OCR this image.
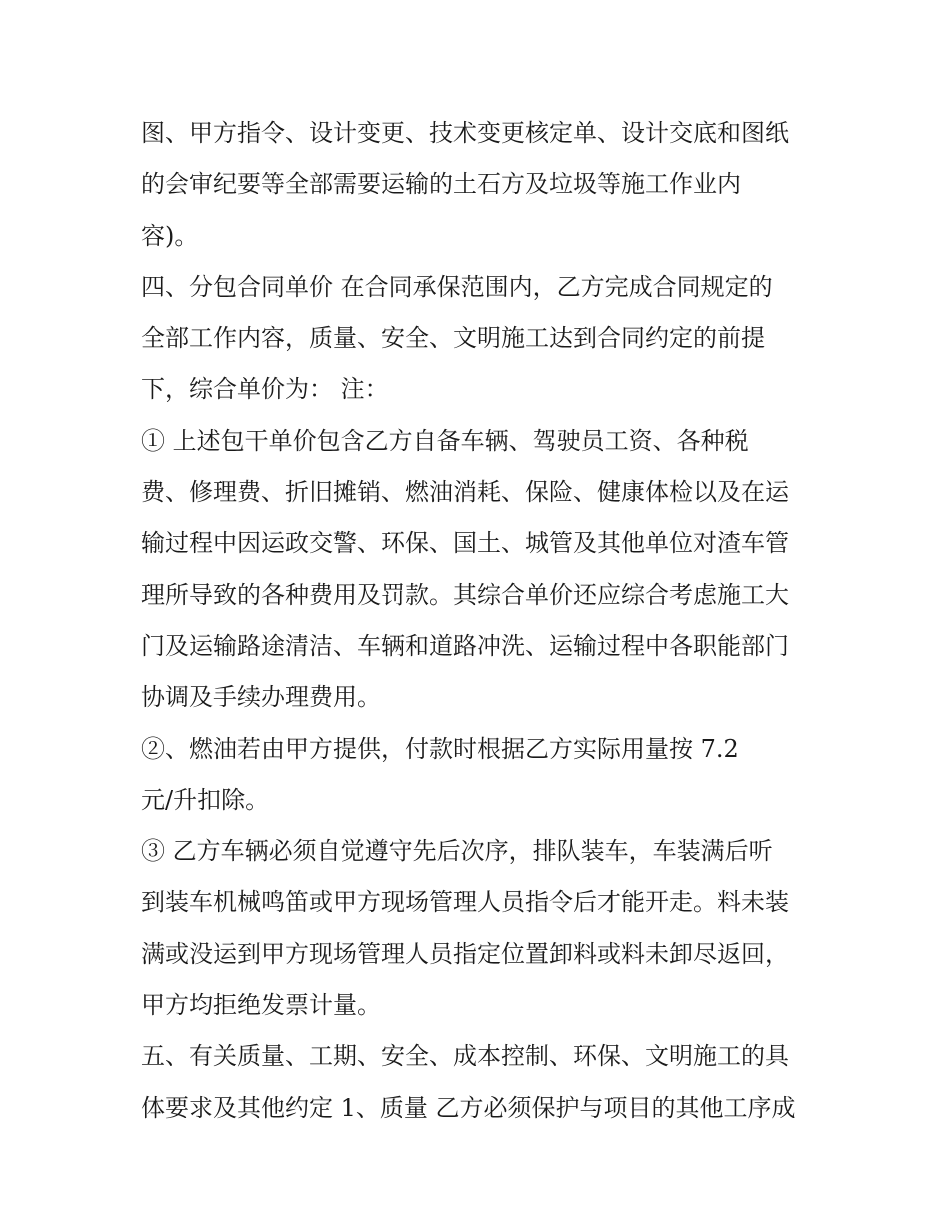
图、甲方指令、设计变更、技术变更核定单、设计交底和图纸
的会审纪要等全部需要运输的土石方及垃圾等施工作业内
容)。
四、分包合同单价 在合同承保范围内，乙方完成合同规定的
全部工作内容，质量、安全、文明施工达到合同约定的前提
下，综合单价为： 注：
① 上述包干单价包含乙方自备车辆、驾驶员工资、各种税
费、修理费、折旧摊销、燃油消耗、保险、健康体检以及在运
输过程中因运政交警、环保、国土、城管及其他单位对渣车管
理所导致的各种费用及罚款。其综合单价还应综合考虑施工大
门及运输路途清洁、车辆和道路冲洗、运输过程中各职能部门
协调及手续办理费用。
②、燃油若由甲方提供，付款时根据乙方实际用量按 7.2
元/升扣除。
③ 乙方车辆必须自觉遵守先后次序，排队装车，车装满后听
到装车机械鸣笛或甲方现场管理人员指令后才能开走。料未装
满或没运到甲方现场管理人员指定位置卸料或料未卸尽返回，
甲方均拒绝发票计量。
五、有关质量、工期、安全、成本控制、环保、文明施工的具
体要求及其他约定 1、质量 乙方必须保护与项目的其他工序成
